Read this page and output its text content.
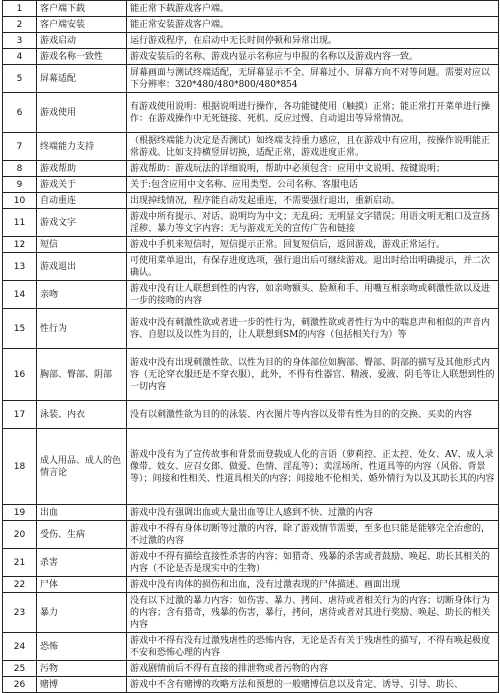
1	客户端下载	能正常下载游戏客户端。
2	客户端安装	能正常安装游戏客户端。
3	游戏启动	运行游戏程序，在启动中无长时间停顿和异常出现。
4	游戏名称一致性	游戏安装后的名称、游戏内显示名称应与申报的名称以及游戏内容一致。
5	屏幕适配	屏幕画面与测试终端适配，无屏幕显示不全、屏幕过小、屏幕方向不对等问题。需要对应以下分辨率：320*480/480*800/480*854
6	游戏使用	有游戏使用说明：根据说明进行操作，各功能键使用（触摸）正常；能正常打开菜单进行操作：在游戏操作中无死链接、死机、反应过慢、自动退出等异常情况。
7	终端能力支持	（根据终端能力决定是否测试）如终端支持重力感应，且在游戏中有应用，按操作说明能正常游戏。比如支持横竖屏切换，适配正常，游戏进度正常。
8	游戏帮助	游戏帮助：游戏玩法的详细说明，帮助中必须包含：应用中文说明、按键说明；
9	游戏关于	关于:包含应用中文名称、应用类型、公司名称、客服电话
10	自动重连	出现掉线情况，程序能自动发起重连，不需要强行退出，重新启动。
11	游戏文字	游戏中所有提示、对话、说明均为中文；无乱码；无明显文字错误；用语文明无粗口及宣扬淫秽、暴力等文字内容；无与游戏无关的宣传广告和链接
12	短信	游戏中手机来短信时，短信提示正常。回复短信后，返回游戏，游戏正常运行。
13	游戏退出	可使用菜单退出，有保存进度选项，强行退出后可继续游戏。退出时给出明确提示，并二次确认。
14	亲吻	游戏中没有让人联想到性的内容，如亲吻额头、脸颊和手、用嘴互相亲吻或刺激性欲以及进一步的接吻的内容
15	性行为	游戏中没有刺激性欲或者进一步的性行为，刺激性欲或者性行为中的喘息声和相似的声音内容、自慰以及以性为目的，让人联想到SM的内容（包括相关行为）等
16	胸部、臀部、阴部	游戏中没有出现刺激性欲、以性为目的的身体部位如胸部、臀部、阴部的描写及其他形式内容（无论穿衣服还是不穿衣服），此外，不得有性器官、精液、爱液、阴毛等让人联想到性的一切内容
17	泳装、内衣	没有以刺激性欲为目的的泳装、内衣图片等内容以及带有性为目的的交换、买卖的内容
18	成人用品、成人的色情言论	游戏中没有为了宣传故事和背景而登载成人化的言语（萝莉控、正太控、处女、AV、成人录像带、妓女、应召女郎、做爱、色情、淫乱等）；卖淫场所、性道具等的内容（风俗、背景等）；间接和性相关、性道具相关的内容；间接地不伦相关、婚外情行为以及其助长其的内容
19	出血	游戏中没有强调出血或大量出血等让人感到不快、过激的内容
20	受伤、生病	游戏中不得有身体切断等过激的内容，除了游戏情节需要，至多也只能是能够完全治愈的，不过激的内容
21	杀害	游戏中不得有描绘直接性杀害的内容；如猎奇、残暴的杀害或者鼓励、唤起、助长其相关的内容（不论是否是现实中的生物）
22	尸体	游戏中没有肉体的损伤和出血，没有过激表现的尸体描述、画面出现
23	暴力	没有以下过激的暴力内容：如伤害、暴力、拷问、虐待或者相关行为的内容；切断身体行为的内容；含有猎奇，残暴的伤害，暴行，拷问，虐待或者对其进行奖励、唤起、助长的相关内容
24	恐怖	游戏中不得有没有过激残虐性的恐怖内容，无论是否有关于残虐性的描写，不得有唤起极度不安和恐怖心理的内容
25	污物	游戏剧情前后不得有直接的排泄物或者污物的内容
26	赌博	游戏中不含有赌博的攻略方法和预想的一般赌博信息以及肯定、诱导、引导、助长、
